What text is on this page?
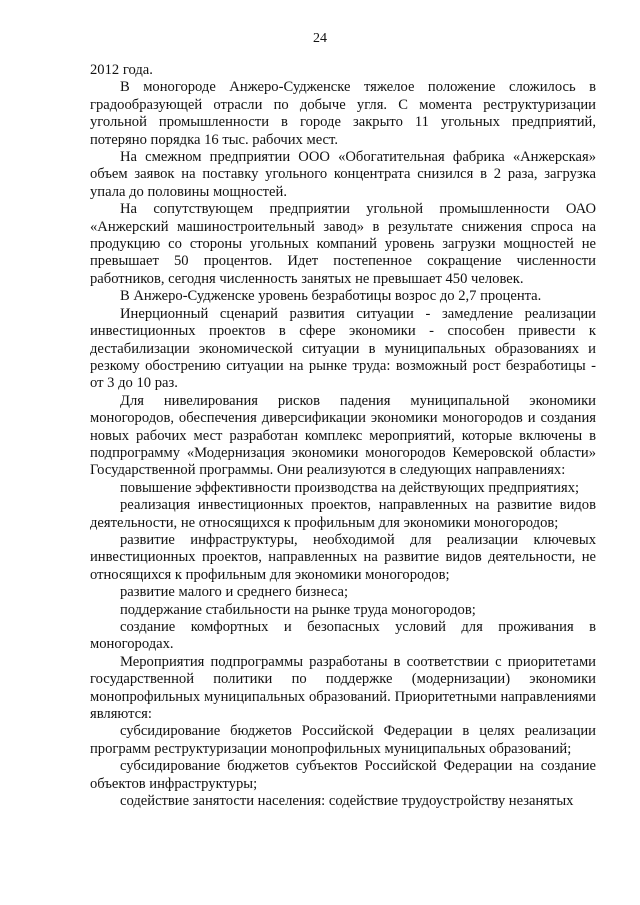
24

2012 года.

В моногороде Анжеро-Судженске тяжелое положение сложилось в градообразующей отрасли по добыче угля. С момента реструктуризации угольной промышленности в городе закрыто 11 угольных предприятий, потеряно порядка 16 тыс. рабочих мест.

На смежном предприятии ООО «Обогатительная фабрика «Анжерская» объем заявок на поставку угольного концентрата снизился в 2 раза, загрузка упала до половины мощностей.

На сопутствующем предприятии угольной промышленности ОАО «Анжерский машиностроительный завод» в результате снижения спроса на продукцию со стороны угольных компаний уровень загрузки мощностей не превышает 50 процентов. Идет постепенное сокращение численности работников, сегодня численность занятых не превышает 450 человек.

В Анжеро-Судженске уровень безработицы возрос до 2,7 процента.

Инерционный сценарий развития ситуации - замедление реализации инвестиционных проектов в сфере экономики - способен привести к дестабилизации экономической ситуации в муниципальных образованиях и резкому обострению ситуации на рынке труда: возможный рост безработицы - от 3 до 10 раз.

Для нивелирования рисков падения муниципальной экономики моногородов, обеспечения диверсификации экономики моногородов и создания новых рабочих мест разработан комплекс мероприятий, которые включены в подпрограмму «Модернизация экономики моногородов Кемеровской области» Государственной программы. Они реализуются в следующих направлениях:

повышение эффективности производства на действующих предприятиях;

реализация инвестиционных проектов, направленных на развитие видов деятельности, не относящихся к профильным для экономики моногородов;

развитие инфраструктуры, необходимой для реализации ключевых инвестиционных проектов, направленных на развитие видов деятельности, не относящихся к профильным для экономики моногородов;

развитие малого и среднего бизнеса;

поддержание стабильности на рынке труда моногородов;

создание комфортных и безопасных условий для проживания в моногородах.

Мероприятия подпрограммы разработаны в соответствии с приоритетами государственной политики по поддержке (модернизации) экономики монопрофильных муниципальных образований. Приоритетными направлениями являются:

субсидирование бюджетов Российской Федерации в целях реализации программ реструктуризации монопрофильных муниципальных образований;

субсидирование бюджетов субъектов Российской Федерации на создание объектов инфраструктуры;

содействие занятости населения: содействие трудоустройству незанятых
